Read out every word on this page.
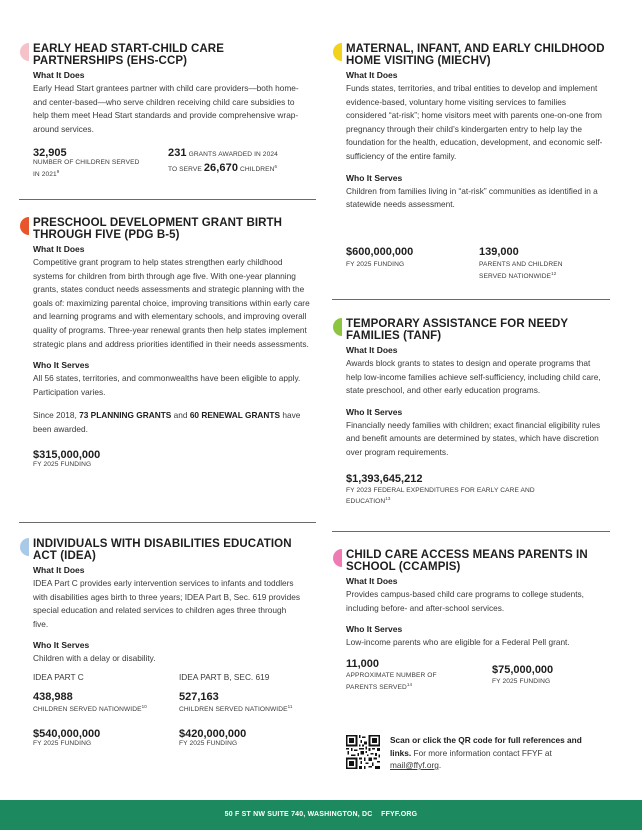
EARLY HEAD START-CHILD CARE PARTNERSHIPS (EHS-CCP)
What It Does
Early Head Start grantees partner with child care providers—both home-and center-based—who serve children receiving child care subsidies to help them meet Head Start standards and provide comprehensive wrap-around services.
32,905
NUMBER OF CHILDREN SERVED IN 2021$^9$
231 GRANTS AWARDED IN 2024
TO SERVE 26,670 CHILDREN$^6$
PRESCHOOL DEVELOPMENT GRANT BIRTH THROUGH FIVE (PDG B-5)
What It Does
Competitive grant program to help states strengthen early childhood systems for children from birth through age five. With one-year planning grants, states conduct needs assessments and strategic planning with the goals of: maximizing parental choice, improving transitions within early care and learning programs and with elementary schools, and improving overall quality of programs. Three-year renewal grants then help states implement strategic plans and address priorities identified in their needs assessments.
Who It Serves
All 56 states, territories, and commonwealths have been eligible to apply. Participation varies.
Since 2018, 73 PLANNING GRANTS and 60 RENEWAL GRANTS have been awarded.
$315,000,000
FY 2025 FUNDING
INDIVIDUALS WITH DISABILITIES EDUCATION ACT (IDEA)
What It Does
IDEA Part C provides early intervention services to infants and toddlers with disabilities ages birth to three years; IDEA Part B, Sec. 619 provides special education and related services to children ages three through five.
Who It Serves
Children with a delay or disability.
IDEA PART C
438,988
CHILDREN SERVED NATIONWIDE$^{10}$
$540,000,000
FY 2025 FUNDING
IDEA PART B, SEC. 619
527,163
CHILDREN SERVED NATIONWIDE$^{11}$
$420,000,000
FY 2025 FUNDING
MATERNAL, INFANT, AND EARLY CHILDHOOD HOME VISITING (MIECHV)
What It Does
Funds states, territories, and tribal entities to develop and implement evidence-based, voluntary home visiting services to families considered “at-risk”; home visitors meet with parents one-on-one from pregnancy through their child’s kindergarten entry to help lay the foundation for the health, education, development, and economic self-sufficiency of the entire family.
Who It Serves
Children from families living in “at-risk” communities as identified in a statewide needs assessment.
$600,000,000
FY 2025 FUNDING
139,000
PARENTS AND CHILDREN SERVED NATIONWIDE$^{12}$
TEMPORARY ASSISTANCE FOR NEEDY FAMILIES (TANF)
What It Does
Awards block grants to states to design and operate programs that help low-income families achieve self-sufficiency, including child care, state preschool, and other early education programs.
Who It Serves
Financially needy families with children; exact financial eligibility rules and benefit amounts are determined by states, which have discretion over program requirements.
$1,393,645,212
FY 2023 FEDERAL EXPENDITURES FOR EARLY CARE AND EDUCATION$^{13}$
CHILD CARE ACCESS MEANS PARENTS IN SCHOOL (CCAMPIS)
What It Does
Provides campus-based child care programs to college students, including before- and after-school services.
Who It Serves
Low-income parents who are eligible for a Federal Pell grant.
11,000
APPROXIMATE NUMBER OF PARENTS SERVED$^{14}$
$75,000,000
FY 2025 FUNDING
Scan or click the QR code for full references and links. For more information contact FFYF at mail@ffyf.org.
50 F ST NW SUITE 740, WASHINGTON, DC    FFYF.ORG
